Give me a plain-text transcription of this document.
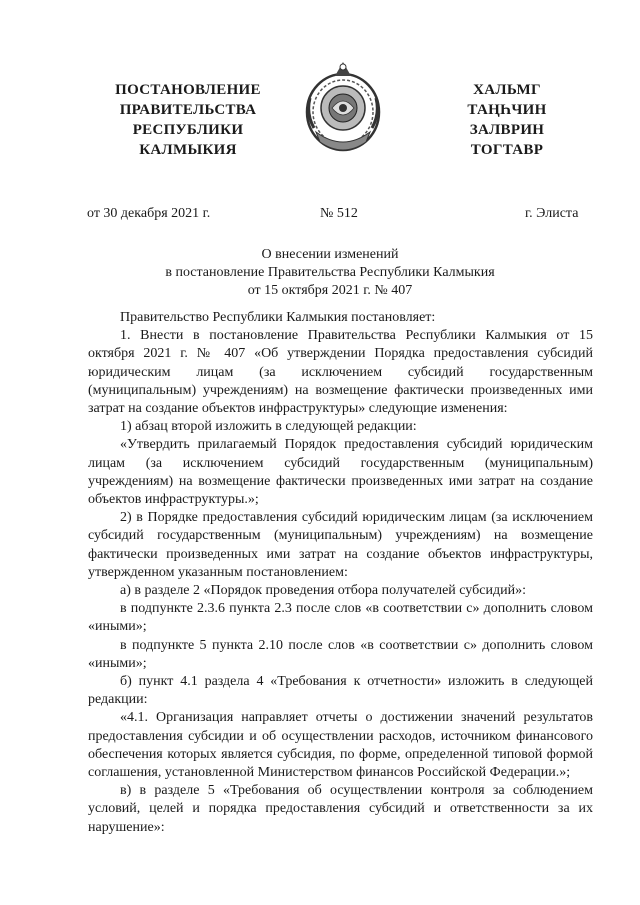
ПОСТАНОВЛЕНИЕ
ПРАВИТЕЛЬСТВА
РЕСПУБЛИКИ
КАЛМЫКИЯ
ХАЛЬМГ
ТАҢҺЧИН
ЗАЛВРИН
ТОГТАВР
от 30 декабря 2021 г.	№ 512	г. Элиста
О внесении изменений
в постановление Правительства Республики Калмыкия
от 15 октября 2021 г. № 407

Правительство Республики Калмыкия постановляет:

1. Внести в постановление Правительства Республики Калмыкия от 15 октября 2021 г. № 407 «Об утверждении Порядка предоставления субсидий юридическим лицам (за исключением субсидий государственным (муниципальным) учреждениям) на возмещение фактически произведенных ими затрат на создание объектов инфраструктуры» следующие изменения:

1) абзац второй изложить в следующей редакции:

«Утвердить прилагаемый Порядок предоставления субсидий юридическим лицам (за исключением субсидий государственным (муниципальным) учреждениям) на возмещение фактически произведенных ими затрат на создание объектов инфраструктуры.»;

2) в Порядке предоставления субсидий юридическим лицам (за исключением субсидий государственным (муниципальным) учреждениям) на возмещение фактически произведенных ими затрат на создание объектов инфраструктуры, утвержденном указанным постановлением:

а) в разделе 2 «Порядок проведения отбора получателей субсидий»:

в подпункте 2.3.6 пункта 2.3 после слов «в соответствии с» дополнить словом «иными»;

в подпункте 5 пункта 2.10 после слов «в соответствии с» дополнить словом «иными»;

б) пункт 4.1 раздела 4 «Требования к отчетности» изложить в следующей редакции:

«4.1. Организация направляет отчеты о достижении значений результатов предоставления субсидии и об осуществлении расходов, источником финансового обеспечения которых является субсидия, по форме, определенной типовой формой соглашения, установленной Министерством финансов Российской Федерации.»;

в) в разделе 5 «Требования об осуществлении контроля за соблюдением условий, целей и порядка предоставления субсидий и ответственности за их нарушение»:
